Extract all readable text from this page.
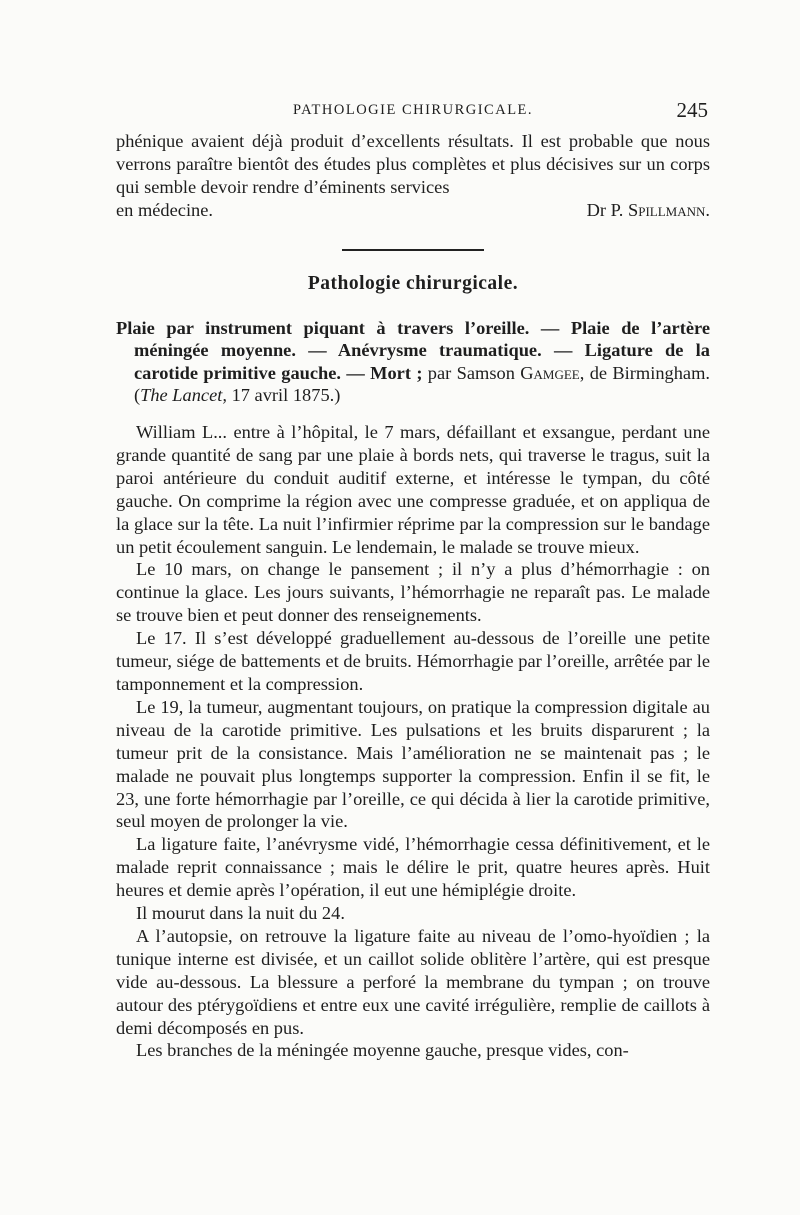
PATHOLOGIE CHIRURGICALE.	245

phénique avaient déjà produit d’excellents résultats. Il est probable que nous verrons paraître bientôt des études plus complètes et plus décisives sur un corps qui semble devoir rendre d’éminents services

en médecine.	Dr P. Spillmann.
Pathologie chirurgicale.
Plaie par instrument piquant à travers l’oreille. — Plaie de l’artère méningée moyenne. — Anévrysme traumatique. — Ligature de la carotide primitive gauche. — Mort ; par Samson Gamgee, de Birmingham. (The Lancet, 17 avril 1875.)

William L... entre à l’hôpital, le 7 mars, défaillant et exsangue, perdant une grande quantité de sang par une plaie à bords nets, qui traverse le tragus, suit la paroi antérieure du conduit auditif externe, et intéresse le tympan, du côté gauche. On comprime la région avec une compresse graduée, et on appliqua de la glace sur la tête. La nuit l’infirmier réprime par la compression sur le bandage un petit écoulement sanguin. Le lendemain, le malade se trouve mieux.

Le 10 mars, on change le pansement ; il n’y a plus d’hémorrhagie : on continue la glace. Les jours suivants, l’hémorrhagie ne reparaît pas. Le malade se trouve bien et peut donner des renseignements.

Le 17. Il s’est développé graduellement au-dessous de l’oreille une petite tumeur, siége de battements et de bruits. Hémorrhagie par l’oreille, arrêtée par le tamponnement et la compression.

Le 19, la tumeur, augmentant toujours, on pratique la compression digitale au niveau de la carotide primitive. Les pulsations et les bruits disparurent ; la tumeur prit de la consistance. Mais l’amélioration ne se maintenait pas ; le malade ne pouvait plus longtemps supporter la compression. Enfin il se fit, le 23, une forte hémorrhagie par l’oreille, ce qui décida à lier la carotide primitive, seul moyen de prolonger la vie.

La ligature faite, l’anévrysme vidé, l’hémorrhagie cessa définitivement, et le malade reprit connaissance ; mais le délire le prit, quatre heures après. Huit heures et demie après l’opération, il eut une hémiplégie droite.

Il mourut dans la nuit du 24.

A l’autopsie, on retrouve la ligature faite au niveau de l’omo-hyoïdien ; la tunique interne est divisée, et un caillot solide oblitère l’artère, qui est presque vide au-dessous. La blessure a perforé la membrane du tympan ; on trouve autour des ptérygoïdiens et entre eux une cavité irrégulière, remplie de caillots à demi décomposés en pus.

Les branches de la méningée moyenne gauche, presque vides, con-
